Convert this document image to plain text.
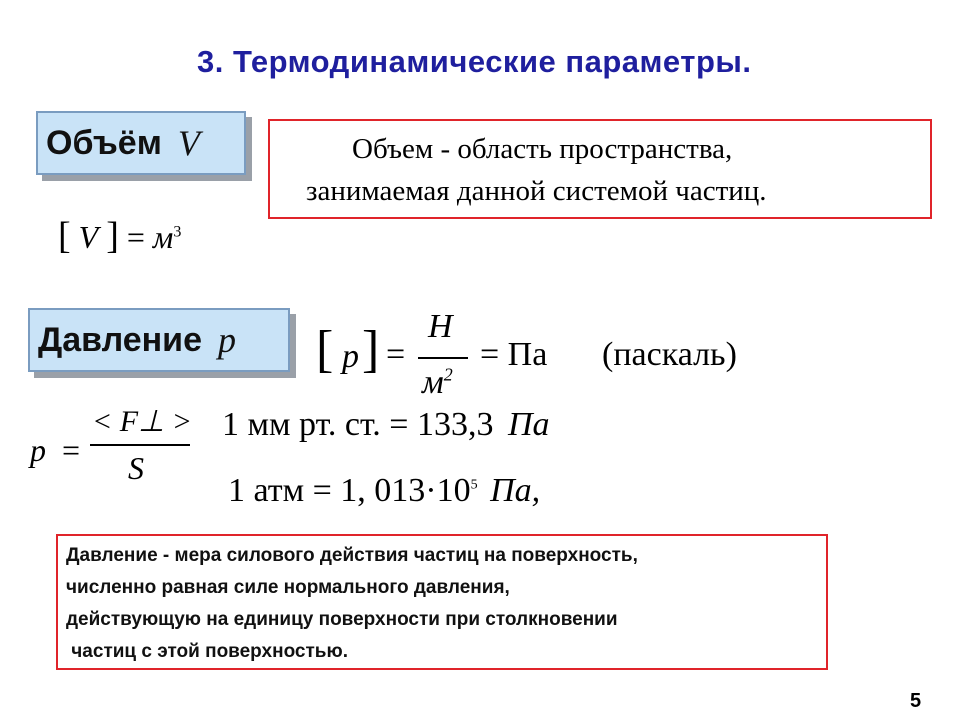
3. Термодинамические параметры.
Объём V	Объем - область пространства,
занимаемая данной системой частиц.
[ V ] = $м^3$
Давление p [ p ] =
Н
$м^2$
= Па (паскаль)
p =
< F⊥ >
S
1 мм рт. ст. = 133,3 Па
1 атм = 1, $013\cdot 10^5$ Па,
Давление - мера силового действия частиц на поверхность,
численно равная силе нормального давления,
действующую на единицу поверхности при столкновении
частиц с этой поверхностью.
5
